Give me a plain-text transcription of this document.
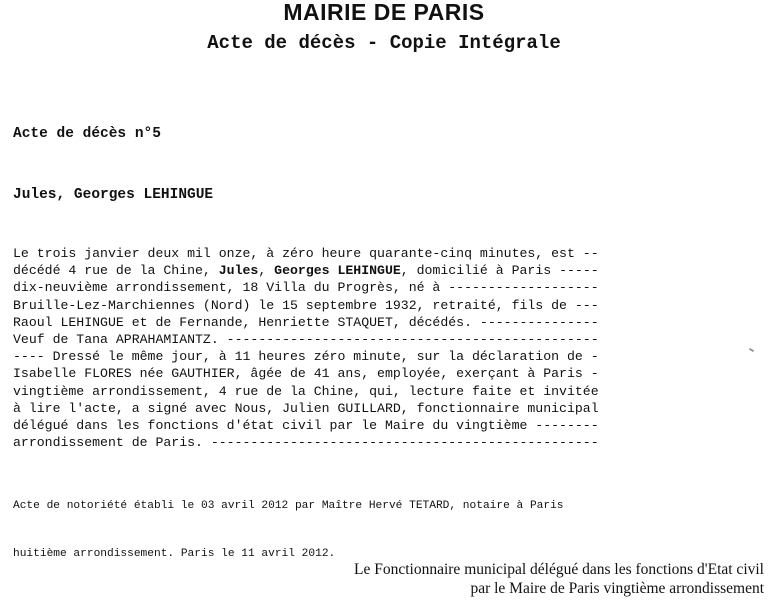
MAIRIE DE PARIS
Acte de décès - Copie Intégrale
Acte de décès n°5
Jules, Georges LEHINGUE
Le trois janvier deux mil onze, à zéro heure quarante-cinq minutes, est --
décédé 4 rue de la Chine, Jules, Georges LEHINGUE, domicilié à Paris -----
dix-neuvième arrondissement, 18 Villa du Progrès, né à -------------------
Bruille-Lez-Marchiennes (Nord) le 15 septembre 1932, retraité, fils de ---
Raoul LEHINGUE et de Fernande, Henriette STAQUET, décédés. ---------------
Veuf de Tana APRAHAMIANTZ. -----------------------------------------------
---- Dressé le même jour, à 11 heures zéro minute, sur la déclaration de -
Isabelle FLORES née GAUTHIER, âgée de 41 ans, employée, exerçant à Paris -
vingtième arrondissement, 4 rue de la Chine, qui, lecture faite et invitée
à lire l'acte, a signé avec Nous, Julien GUILLARD, fonctionnaire municipal
délégué dans les fonctions d'état civil par le Maire du vingtième --------
arrondissement de Paris. -------------------------------------------------

Acte de notoriété établi le 03 avril 2012 par Maître Hervé TETARD, notaire à Paris

huitième arrondissement. Paris le 11 avril 2012.

Le Fonctionnaire municipal délégué dans les fonctions d'Etat civil
par le Maire de Paris vingtième arrondissement
